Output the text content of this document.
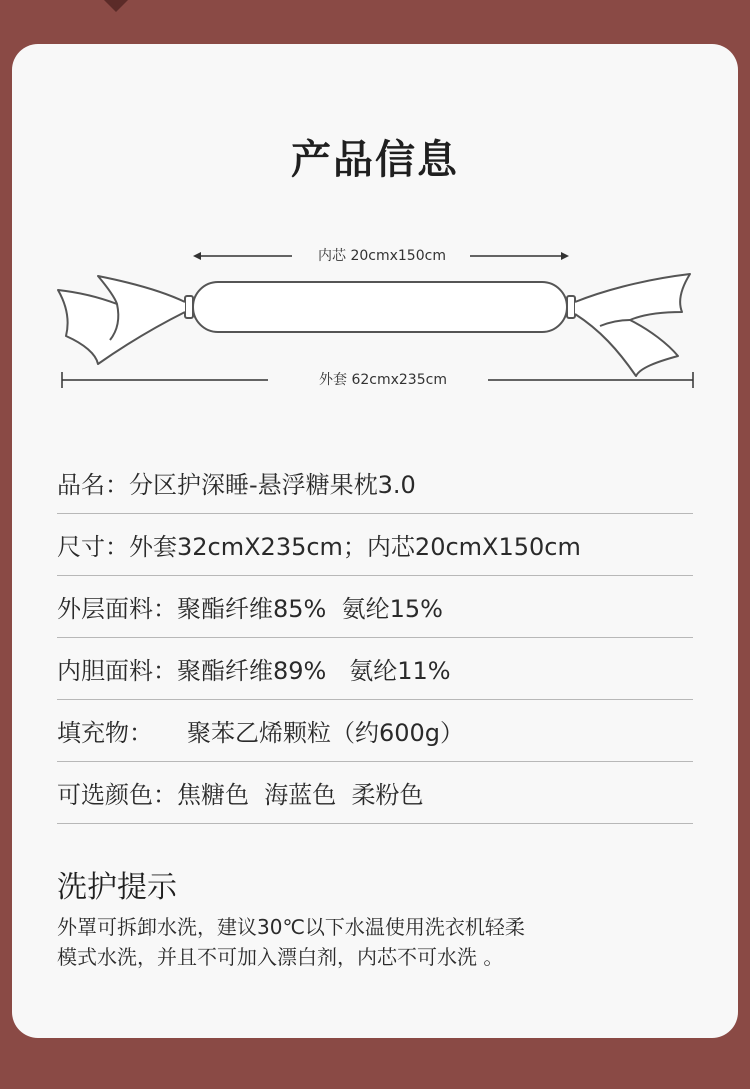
产品信息
内芯 20cmx150cm
外套 62cmx235cm
品名： 分区护深睡-悬浮糖果枕3.0
尺寸： 外套32cmX235cm；内芯20cmX150cm
外层面料： 聚酯纤维85%  氨纶15%
内胆面料： 聚酯纤维89%   氨纶11%
填充物： 聚苯乙烯颗粒（约600g）
可选颜色： 焦糖色  海蓝色  柔粉色
洗护提示
外罩可拆卸水洗，建议30℃以下水温使用洗衣机轻柔
模式水洗，并且不可加入漂白剂，内芯不可水洗 。
